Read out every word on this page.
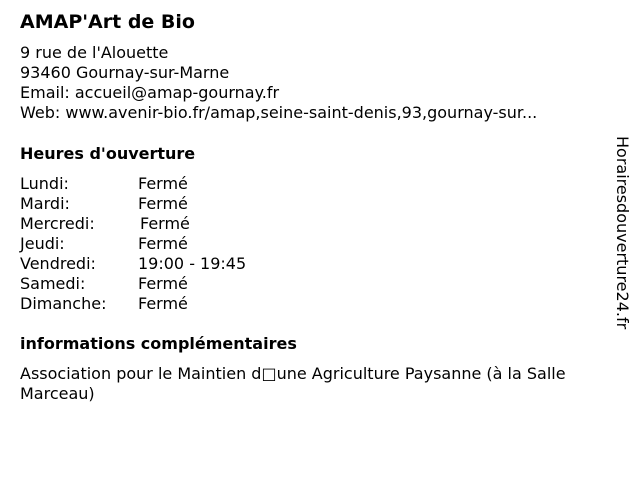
AMAP'Art de Bio
9 rue de l'Alouette
93460 Gournay-sur-Marne
Email: accueil@amap-gournay.fr
Web: www.avenir-bio.fr/amap,seine-saint-denis,93,gournay-sur...
Heures d'ouverture
Lundi:	Fermé
Mardi:	Fermé
Mercredi:	Fermé
Jeudi:	Fermé
Vendredi:	19:00 - 19:45
Samedi:	Fermé
Dimanche: Fermé
informations complémentaires
Association pour le Maintien d□une Agriculture Paysanne (à la Salle Marceau)
Horairesdouverture24.fr
